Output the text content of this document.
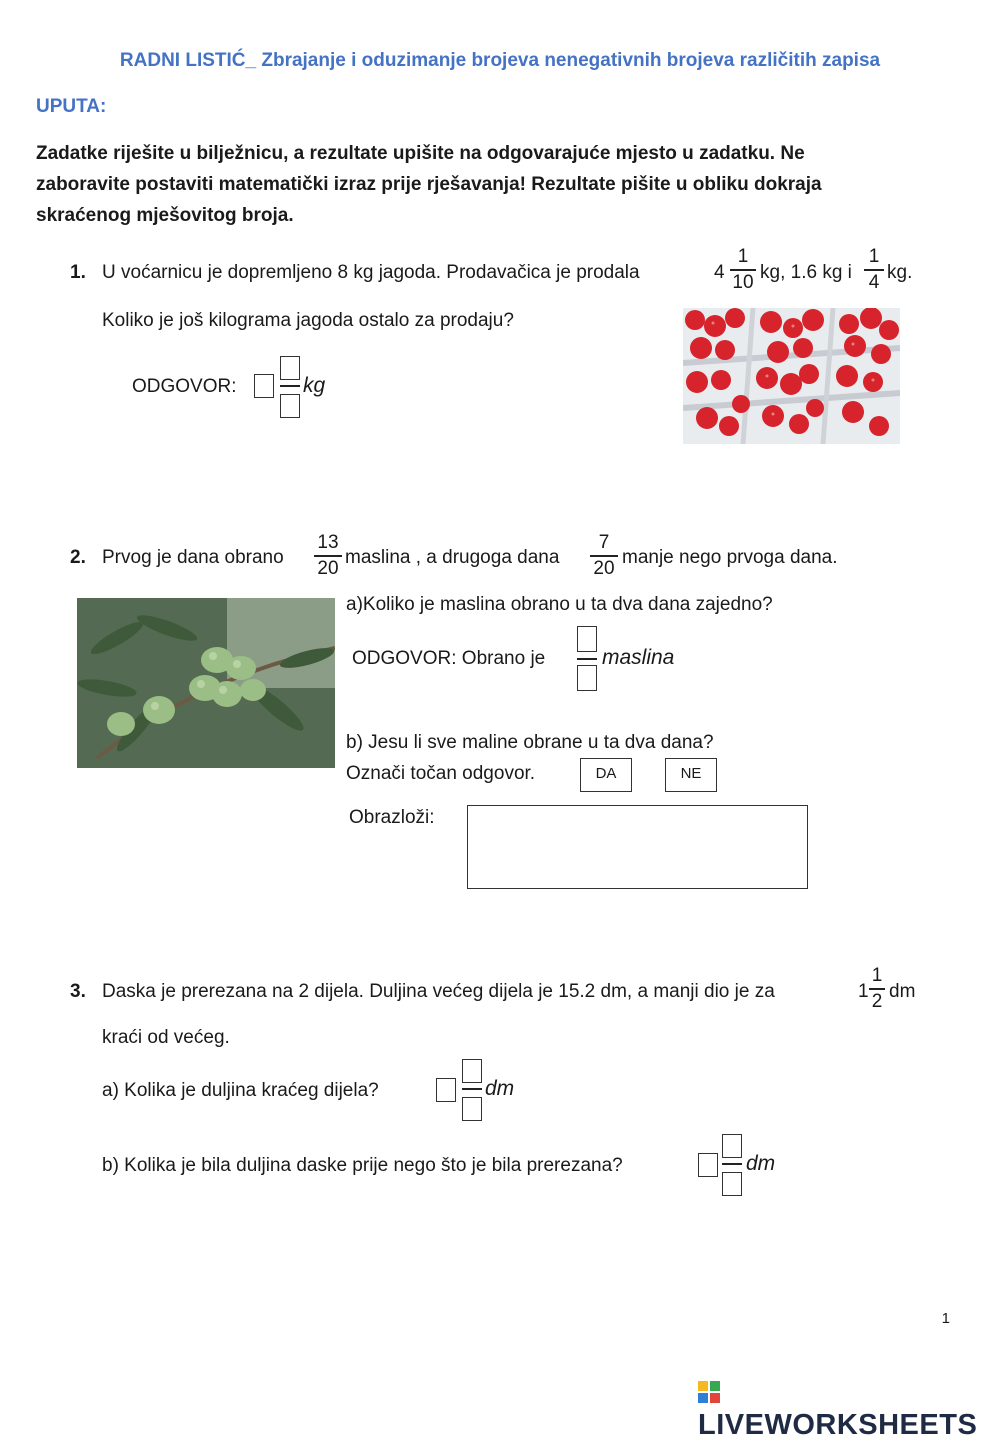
RADNI LISTIĆ_ Zbrajanje i oduzimanje brojeva nenegativnih brojeva različitih zapisa
UPUTA:
Zadatke riješite u bilježnicu, a rezultate upišite na odgovarajuće mjesto u zadatku. Ne
zaboravite postaviti matematički izraz prije rješavanja! Rezultate pišite u obliku dokraja
skraćenog mješovitog broja.
1. U voćarnicu je dopremljeno 8 kg jagoda. Prodavačica je prodala	4
1
10 kg, 1.6 kg i
1
4 kg.
Koliko je još kilograma jagoda ostalo za prodaju?
ODGOVOR:	kg
2. Prvog je dana obrano
13
20 maslina , a drugoga dana
7
20 manje nego prvoga dana.
a)Koliko je maslina obrano u ta dva dana zajedno?
ODGOVOR: Obrano je	maslina
b) Jesu li sve maline obrane u ta dva dana?
Označi točan odgovor.	DA	NE
Obrazloži:
3. Daska je prerezana na 2 dijela. Duljina većeg dijela je 15.2 dm, a manji dio je za	1
1
2 dm
kraći od većeg.
a) Kolika je duljina kraćeg dijela?	dm
b) Kolika je bila duljina daske prije nego što je bila prerezana?	dm
1
LIVEWORKSHEETS
